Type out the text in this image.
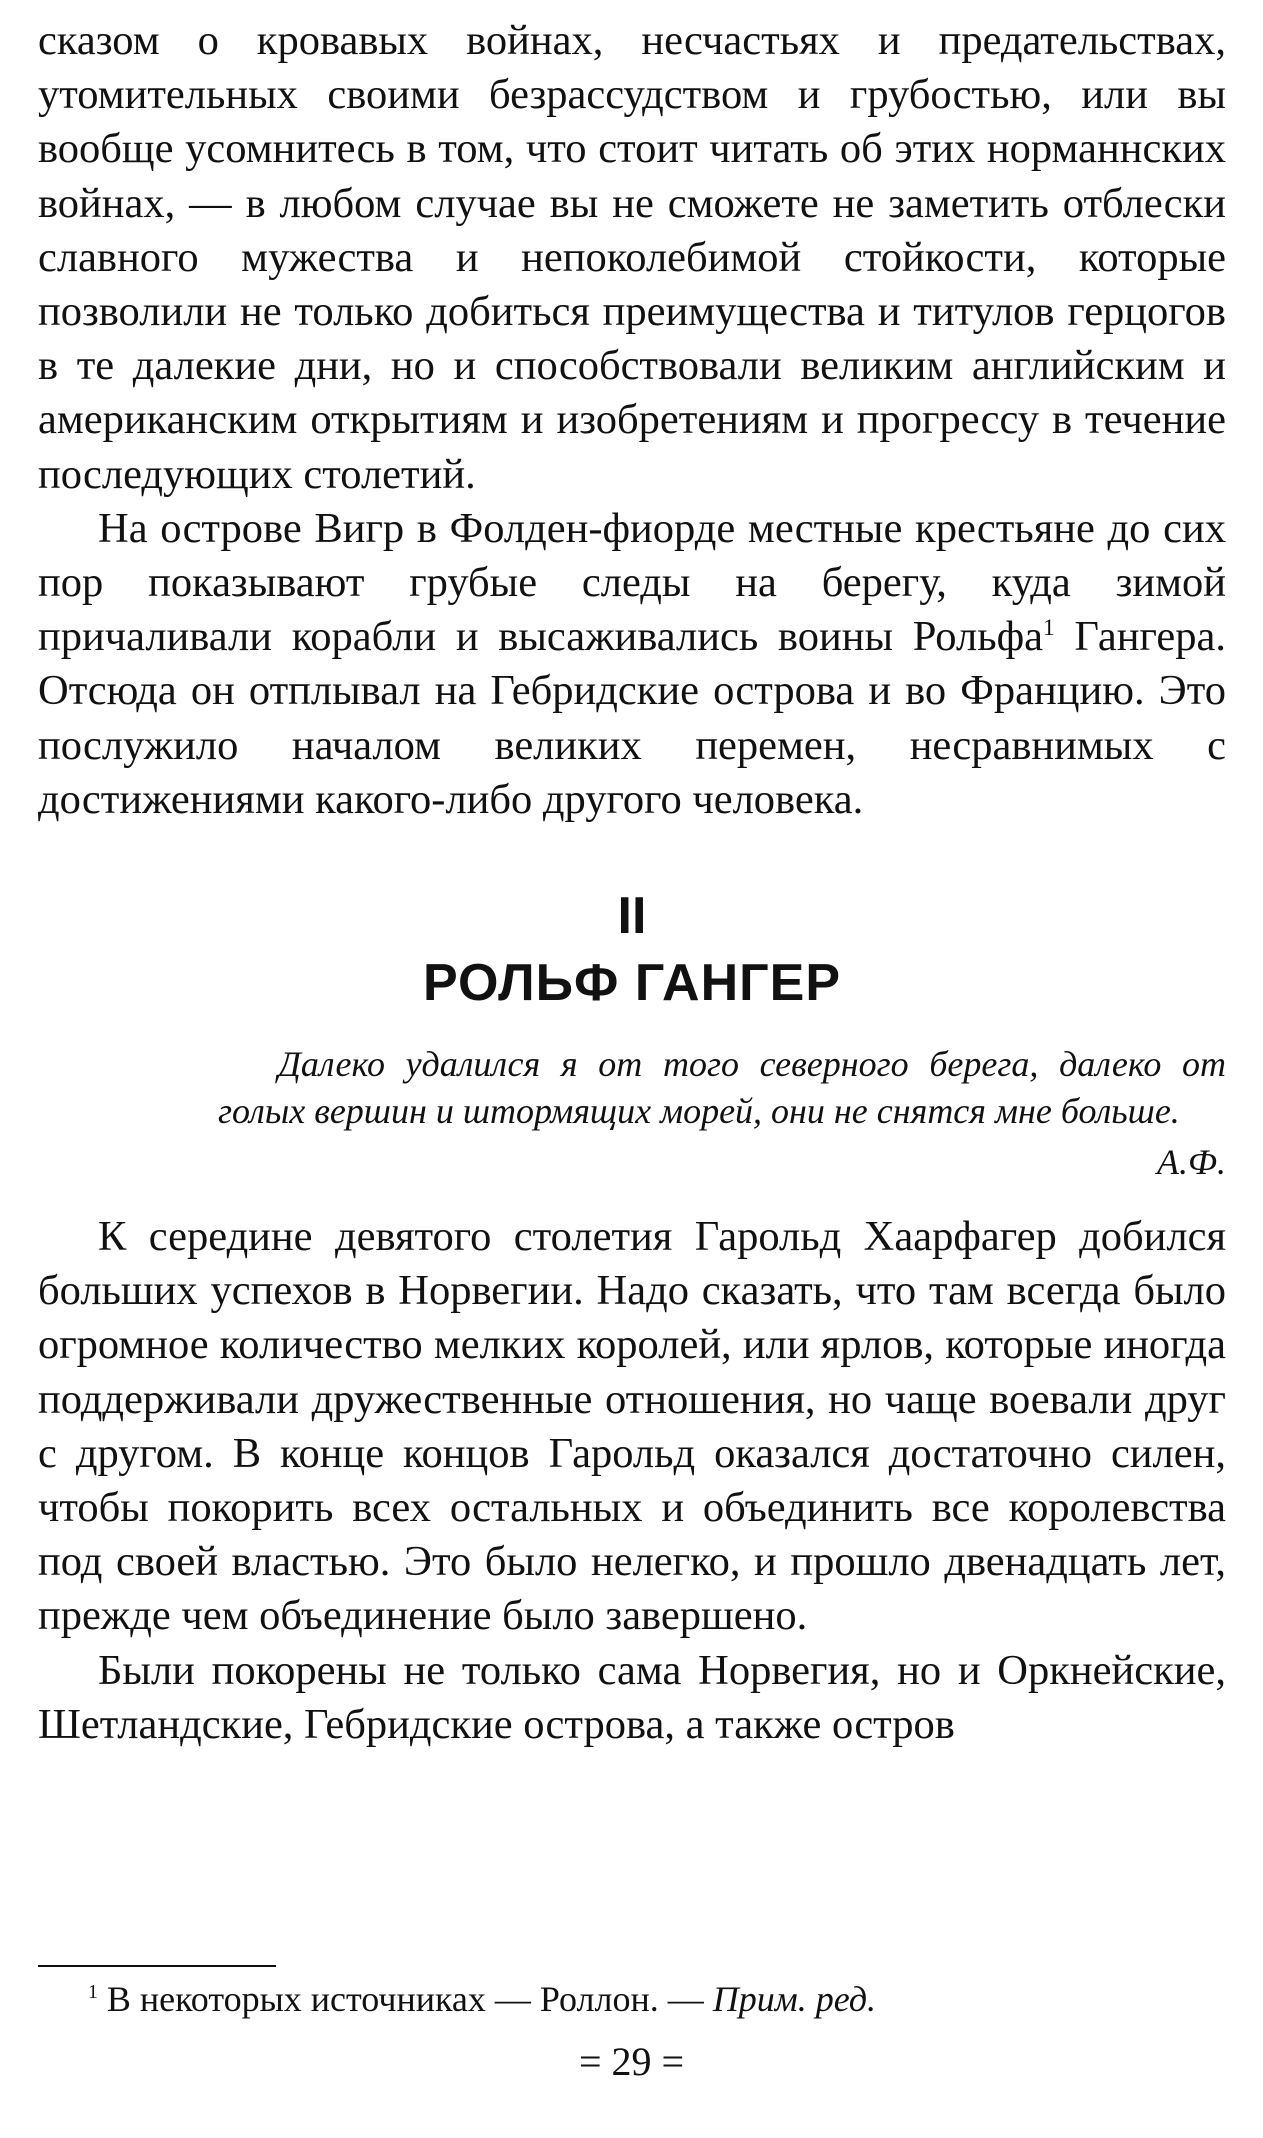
сказом о кровавых войнах, несчастьях и предательствах, утомительных своими безрассудством и грубостью, или вы вообще усомнитесь в том, что стоит читать об этих норманнских войнах, — в любом случае вы не сможете не заметить отблески славного мужества и непоколебимой стойкости, которые позволили не только добиться преимущества и титулов герцогов в те далекие дни, но и способствовали великим английским и американским открытиям и изобретениям и прогрессу в течение последующих столетий.

На острове Вигр в Фолден-фиорде местные крестьяне до сих пор показывают грубые следы на берегу, куда зимой причаливали корабли и высаживались воины Рольфа$^1$ Гангера. Отсюда он отплывал на Гебридские острова и во Францию. Это послужило началом великих перемен, несравнимых с достижениями какого-либо другого человека.

II
РОЛЬФ ГАНГЕР
Далеко удалился я от того северного берега, далеко от голых вершин и штормящих морей, они не снятся мне больше.
А.Ф.

К середине девятого столетия Гарольд Хаарфагер добился больших успехов в Норвегии. Надо сказать, что там всегда было огромное количество мелких королей, или ярлов, которые иногда поддерживали дружественные отношения, но чаще воевали друг с другом. В конце концов Гарольд оказался достаточно силен, чтобы покорить всех остальных и объединить все королевства под своей властью. Это было нелегко, и прошло двенадцать лет, прежде чем объединение было завершено.

Были покорены не только сама Норвегия, но и Оркнейские, Шетландские, Гебридские острова, а также остров

$^1$ В некоторых источниках — Роллон. — Прим. ред.
= 29 =
